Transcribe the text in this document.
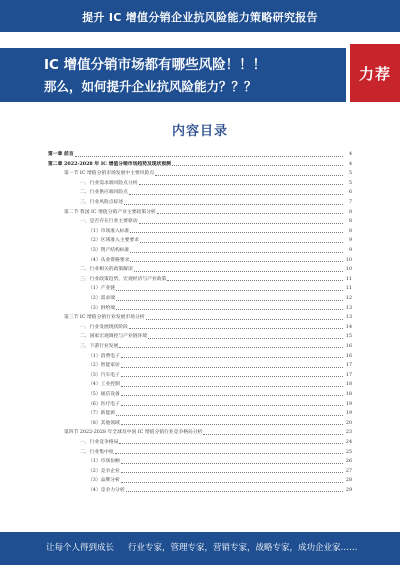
提升 IC 增值分销企业抗风险能力策略研究报告
IC 增值分销市场都有哪些风险！！！
那么，如何提升企业抗风险能力？？？
力荐
内容目录
第一章 前言	4
第二章 2022-2028 年 IC 增值分销市场趋势及现状预测	4
第一节 IC 增值分销市场发展中主要风险点	5
一、行业需求端风险点分析	5
二、行业供应端风险点	6
三、行业风险点综述	7
第二节 我国 IC 增值分销产业主要政策分析	8
一、是否存在行业主要驱动	8
（1）市场准入标准	8
（2）区域准入主要要求	9
（3）资产结构标准	9
（4）从业资格要求	10
二、行业相关的政策解读	10
三、行业政策趋势，宏观经济与产业政策	11
（1）产业链	11
（2）需求端	12
（3）供给端	13
第三节 IC 增值分销行业发展市场分析	13
一、行业发展现状阶段	14
二、国家宏观调控与产业链环境	15
三、下游行业发展	16
（1）消费电子	16
（2）智能家居	17
（3）汽车电子	17
（4）工业控制	18
（5）通信设备	18
（6）医疗电子	19
（7）新能源	19
（8）其他领域	20
第四节 2022-2028 年全球及中国 IC 增值分销行业竞争格局分析	23
一、行业竞争格局	24
二、行业集中度	25
（1）市场份额	26
（2）竞争企业	27
（3）品牌分析	28
（4）竞争力分析	29
让每个人得到成长 行业专家，管理专家，营销专家，战略专家，成功企业家……
